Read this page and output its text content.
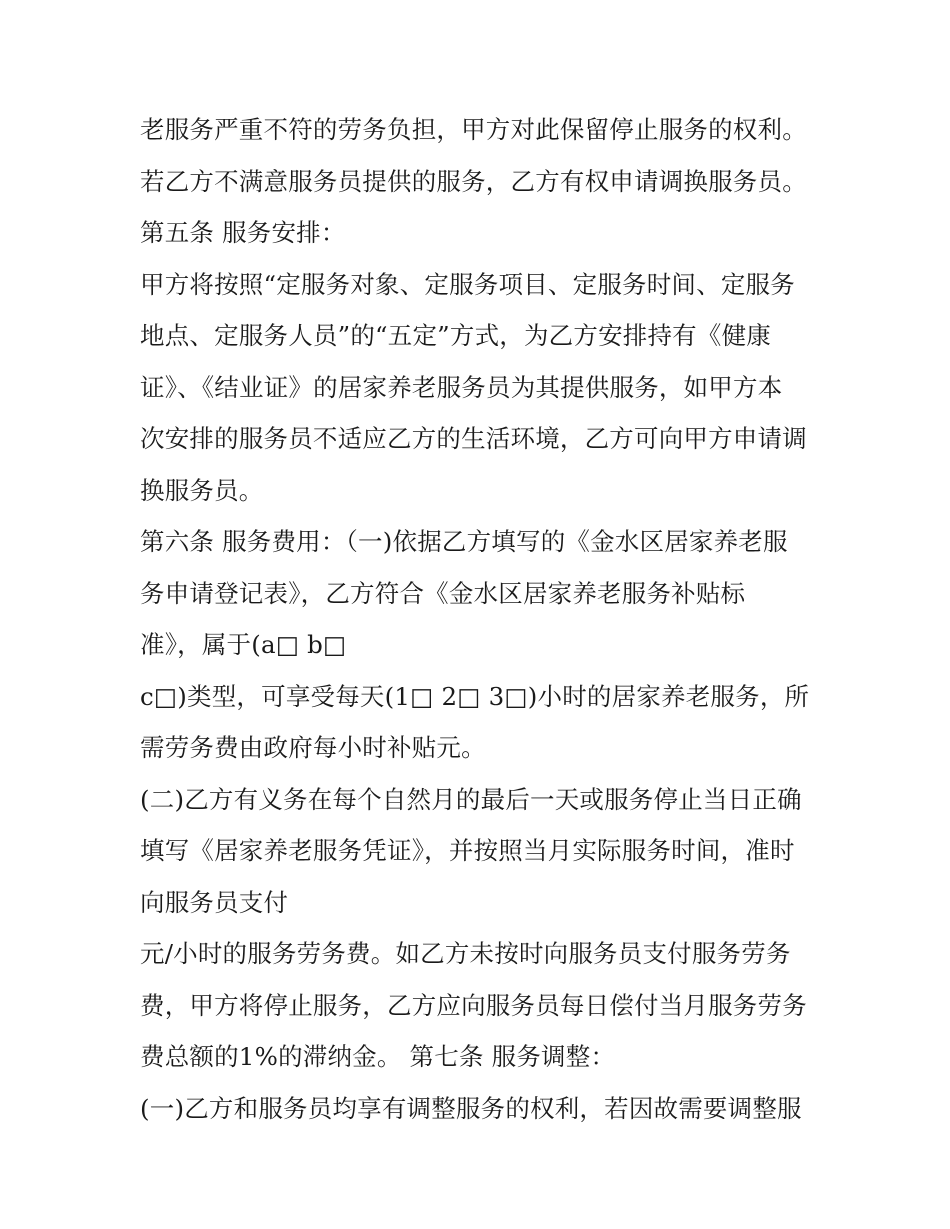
老服务严重不符的劳务负担，甲方对此保留停止服务的权利。
若乙方不满意服务员提供的服务，乙方有权申请调换服务员。
第五条 服务安排：
甲方将按照“定服务对象、定服务项目、定服务时间、定服务
地点、定服务人员”的“五定”方式，为乙方安排持有《健康
证》、《结业证》的居家养老服务员为其提供服务，如甲方本
次安排的服务员不适应乙方的生活环境，乙方可向甲方申请调
换服务员。
第六条 服务费用：（一)依据乙方填写的《金水区居家养老服
务申请登记表》，乙方符合《金水区居家养老服务补贴标
准》，属于(a□ b□
c□)类型，可享受每天(1□ 2□ 3□)小时的居家养老服务，所
需劳务费由政府每小时补贴元。
(二)乙方有义务在每个自然月的最后一天或服务停止当日正确
填写《居家养老服务凭证》，并按照当月实际服务时间，准时
向服务员支付
元/小时的服务劳务费。如乙方未按时向服务员支付服务劳务
费，甲方将停止服务，乙方应向服务员每日偿付当月服务劳务
费总额的1%的滞纳金。 第七条 服务调整：
(一)乙方和服务员均享有调整服务的权利，若因故需要调整服
